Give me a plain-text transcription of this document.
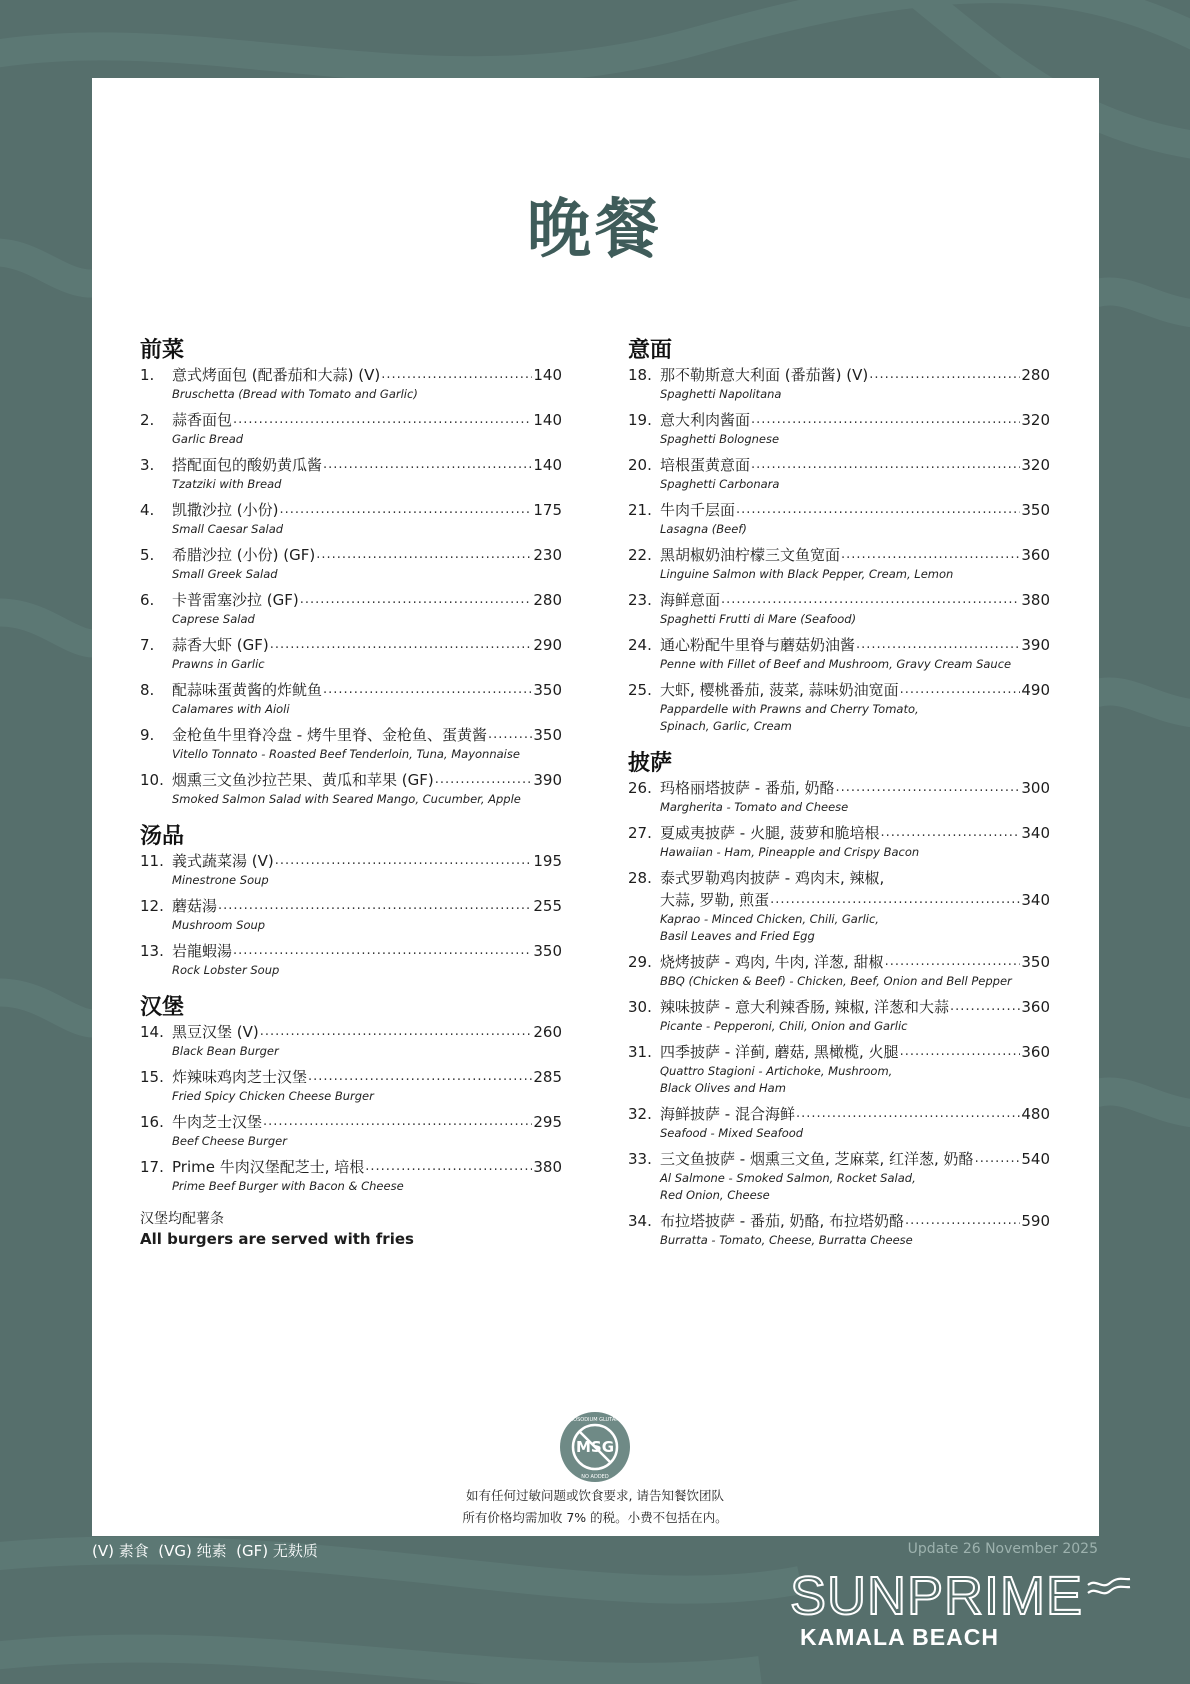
晚餐
前菜
1. 意式烤面包 (配番茄和大蒜) (V) .....	140
Bruschetta (Bread with Tomato and Garlic)
2. 蒜香面包 .....	140
Garlic Bread
3. 搭配面包的酸奶黄瓜酱 .....	140
Tzatziki with Bread
4. 凯撒沙拉 (小份) .....	175
Small Caesar Salad
5. 希腊沙拉 (小份) (GF) .....	230
Small Greek Salad
6. 卡普雷塞沙拉 (GF) .....	280
Caprese Salad
7. 蒜香大虾 (GF) .....	290
Prawns in Garlic
8. 配蒜味蛋黄酱的炸鱿鱼 .....	350
Calamares with Aioli
9. 金枪鱼牛里脊冷盘 - 烤牛里脊、金枪鱼、蛋黄酱 .....	350
Vitello Tonnato - Roasted Beef Tenderloin, Tuna, Mayonnaise
10. 烟熏三文鱼沙拉芒果、黄瓜和苹果 (GF) .....	390
Smoked Salmon Salad with Seared Mango, Cucumber, Apple
汤品
11. 義式蔬菜湯 (V) .....	195
Minestrone Soup
12. 蘑菇湯 .....	255
Mushroom Soup
13. 岩龍蝦湯 .....	350
Rock Lobster Soup
汉堡
14. 黑豆汉堡 (V) .....	260
Black Bean Burger
15. 炸辣味鸡肉芝士汉堡 .....	285
Fried Spicy Chicken Cheese Burger
16. 牛肉芝士汉堡 .....	295
Beef Cheese Burger
17. Prime 牛肉汉堡配芝士, 培根 .....	380
Prime Beef Burger with Bacon & Cheese
汉堡均配薯条
All burgers are served with fries
意面
18. 那不勒斯意大利面 (番茄酱) (V) .....	280
Spaghetti Napolitana
19. 意大利肉酱面 .....	320
Spaghetti Bolognese
20. 培根蛋黄意面 .....	320
Spaghetti Carbonara
21. 牛肉千层面 .....	350
Lasagna (Beef)
22. 黑胡椒奶油柠檬三文鱼宽面 .....	360
Linguine Salmon with Black Pepper, Cream, Lemon
23. 海鲜意面 .....	380
Spaghetti Frutti di Mare (Seafood)
24. 通心粉配牛里脊与蘑菇奶油酱 .....	390
Penne with Fillet of Beef and Mushroom, Gravy Cream Sauce
25. 大虾, 樱桃番茄, 菠菜, 蒜味奶油宽面 .....	490
Pappardelle with Prawns and Cherry Tomato,
Spinach, Garlic, Cream
披萨
26. 玛格丽塔披萨 - 番茄, 奶酪 .....	300
Margherita - Tomato and Cheese
27. 夏威夷披萨 - 火腿, 菠萝和脆培根 .....	340
Hawaiian - Ham, Pineapple and Crispy Bacon
28. 泰式罗勒鸡肉披萨 - 鸡肉末, 辣椒,
大蒜, 罗勒, 煎蛋 .....	340
Kaprao - Minced Chicken, Chili, Garlic,
Basil Leaves and Fried Egg
29. 烧烤披萨 - 鸡肉, 牛肉, 洋葱, 甜椒 .....	350
BBQ (Chicken & Beef) - Chicken, Beef, Onion and Bell Pepper
30. 辣味披萨 - 意大利辣香肠, 辣椒, 洋葱和大蒜 .....	360
Picante - Pepperoni, Chili, Onion and Garlic
31. 四季披萨 - 洋蓟, 蘑菇, 黑橄榄, 火腿 .....	360
Quattro Stagioni - Artichoke, Mushroom,
Black Olives and Ham
32. 海鲜披萨 - 混合海鲜 .....	480
Seafood - Mixed Seafood
33. 三文鱼披萨 - 烟熏三文鱼, 芝麻菜, 红洋葱, 奶酪 .....	540
Al Salmone - Smoked Salmon, Rocket Salad,
Red Onion, Cheese
34. 布拉塔披萨 - 番茄, 奶酪, 布拉塔奶酪 .....	590
Burratta - Tomato, Cheese, Burratta Cheese
MSG
MONOSODIUM GLUTAMATE
NO ADDED
如有任何过敏问题或饮食要求, 请告知餐饮团队
所有价格均需加收 7% 的税。小费不包括在内。
(V) 素食  (VG) 纯素  (GF) 无麸质	Update 26 November 2025
SUNPRIME
KAMALA BEACH
